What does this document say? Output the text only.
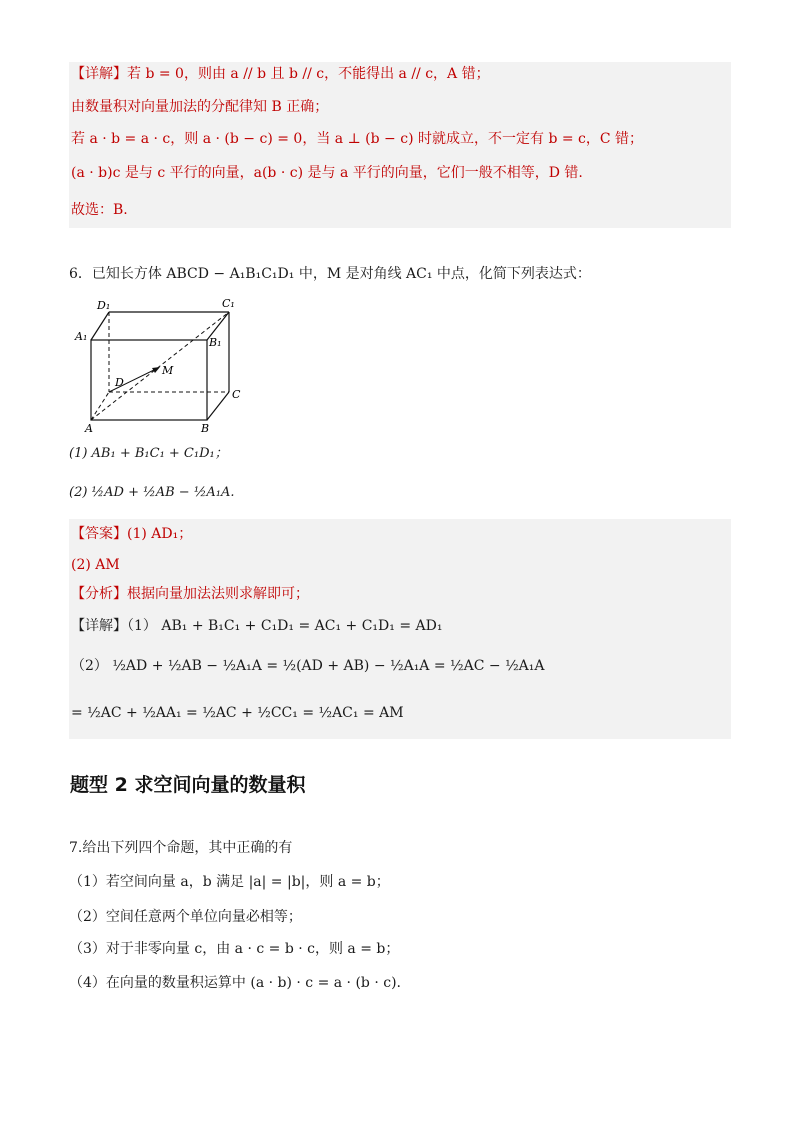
【详解】若 b = 0，则由 a // b 且 b // c，不能得出 a // c，A 错；
由数量积对向量加法的分配律知 B 正确；
若 a · b = a · c，则 a · (b − c) = 0，当 a ⊥ (b − c) 时就成立，不一定有 b = c，C 错；
(a · b)c 是与 c 平行的向量，a(b · c) 是与 a 平行的向量，它们一般不相等，D 错.
故选：B.
6．已知长方体 ABCD − A₁B₁C₁D₁ 中，M 是对角线 AC₁ 中点，化简下列表达式：
D₁	C₁
A₁	B₁
D
M
C
A	B
(1) AB₁ + B₁C₁ + C₁D₁；
(2) ½AD + ½AB − ½A₁A.
【答案】(1) AD₁；
(2) AM
【分析】根据向量加法法则求解即可；
【详解】（1） AB₁ + B₁C₁ + C₁D₁ = AC₁ + C₁D₁ = AD₁
（2） ½AD + ½AB − ½A₁A = ½(AD + AB) − ½A₁A = ½AC − ½A₁A
= ½AC + ½AA₁ = ½AC + ½CC₁ = ½AC₁ = AM
题型 2 求空间向量的数量积
7.给出下列四个命题，其中正确的有
（1）若空间向量 a，b 满足 |a| = |b|，则 a = b；
（2）空间任意两个单位向量必相等；
（3）对于非零向量 c，由 a · c = b · c，则 a = b；
（4）在向量的数量积运算中 (a · b) · c = a · (b · c).
